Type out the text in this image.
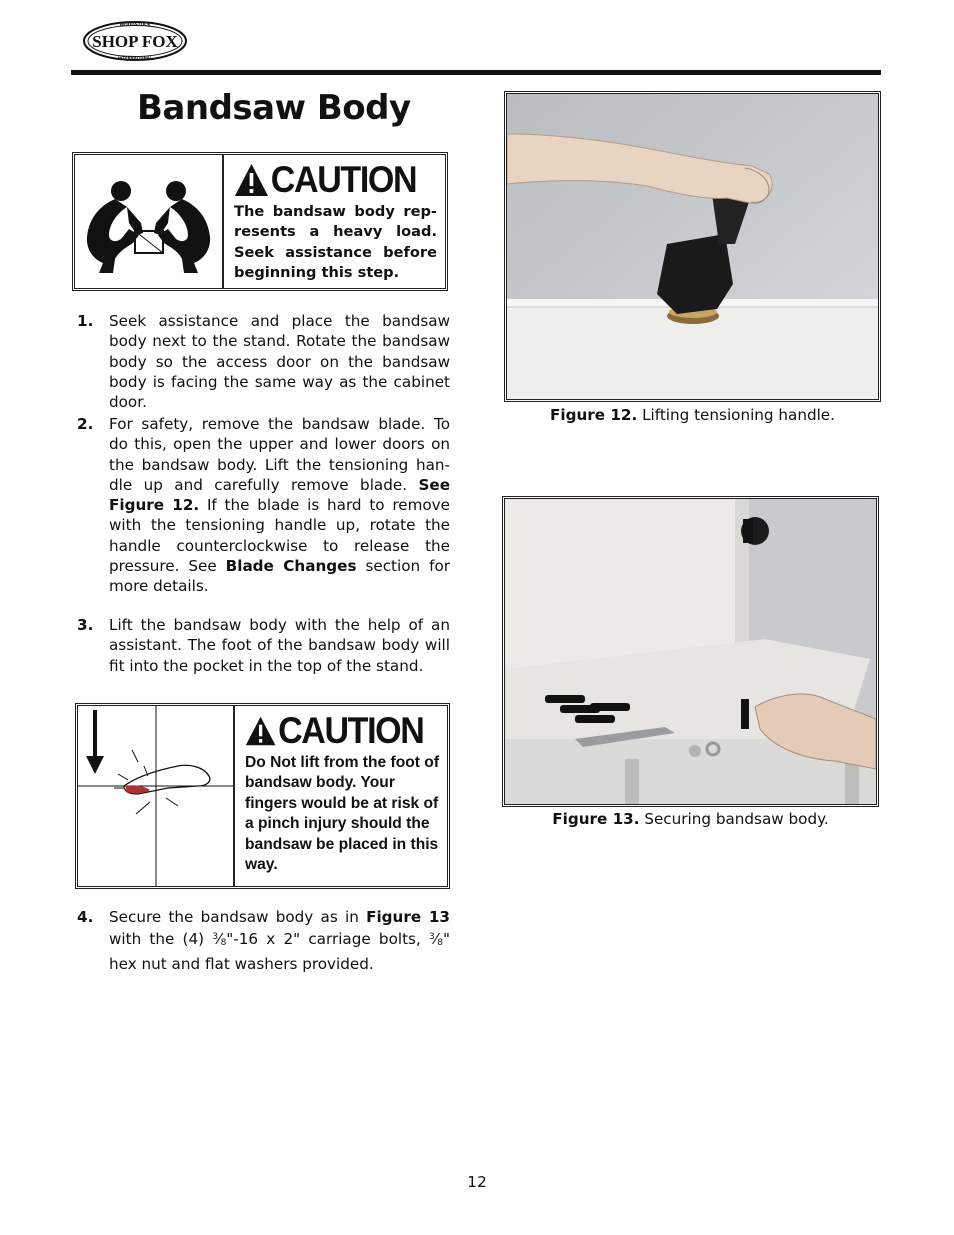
WOODSTOCK
SHOP FOX
INTERNATIONAL
Bandsaw Body
CAUTION
The bandsaw body rep-resents a heavy load. Seek assistance before beginning this step.
1. Seek assistance and place the bandsaw body next to the stand. Rotate the bandsaw body so the access door on the bandsaw body is facing the same way as the cabinet door.
2. For safety, remove the bandsaw blade. To do this, open the upper and lower doors on the bandsaw body. Lift the tensioning han-dle up and carefully remove blade. See Figure 12. If the blade is hard to remove with the tensioning handle up, rotate the handle counterclockwise to release the pressure. See Blade Changes section for more details.
3. Lift the bandsaw body with the help of an assistant. The foot of the bandsaw body will fit into the pocket in the top of the stand.
CAUTION
Do Not lift from the foot of bandsaw body. Your fingers would be at risk of a pinch injury should the bandsaw be placed in this way.
4. Secure the bandsaw body as in Figure 13 with the (4) $^3⁄_8"-16$ x 2" carriage bolts, $^3⁄_8$" hex nut and flat washers provided.
Figure 12. Lifting tensioning handle.
Figure 13. Securing bandsaw body.
12
